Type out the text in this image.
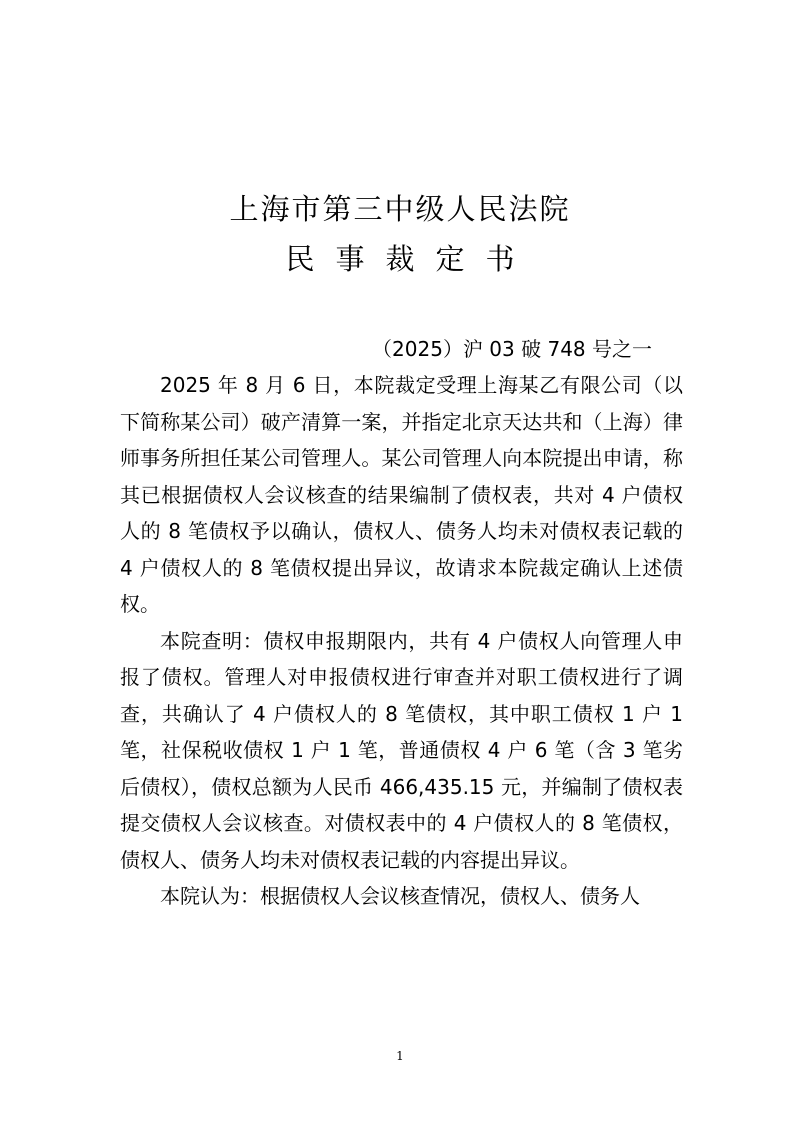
上海市第三中级人民法院
民事裁定书
（2025）沪 03 破 748 号之一

2025 年 8 月 6 日，本院裁定受理上海某乙有限公司（以下简称某公司）破产清算一案，并指定北京天达共和（上海）律师事务所担任某公司管理人。某公司管理人向本院提出申请，称其已根据债权人会议核查的结果编制了债权表，共对 4 户债权人的 8 笔债权予以确认，债权人、债务人均未对债权表记载的 4 户债权人的 8 笔债权提出异议，故请求本院裁定确认上述债权。

本院查明：债权申报期限内，共有 4 户债权人向管理人申报了债权。管理人对申报债权进行审查并对职工债权进行了调查，共确认了 4 户债权人的 8 笔债权，其中职工债权 1 户 1 笔，社保税收债权 1 户 1 笔，普通债权 4 户 6 笔（含 3 笔劣后债权），债权总额为人民币 466,435.15 元，并编制了债权表提交债权人会议核查。对债权表中的 4 户债权人的 8 笔债权，债权人、债务人均未对债权表记载的内容提出异议。

本院认为：根据债权人会议核查情况，债权人、债务人

1
